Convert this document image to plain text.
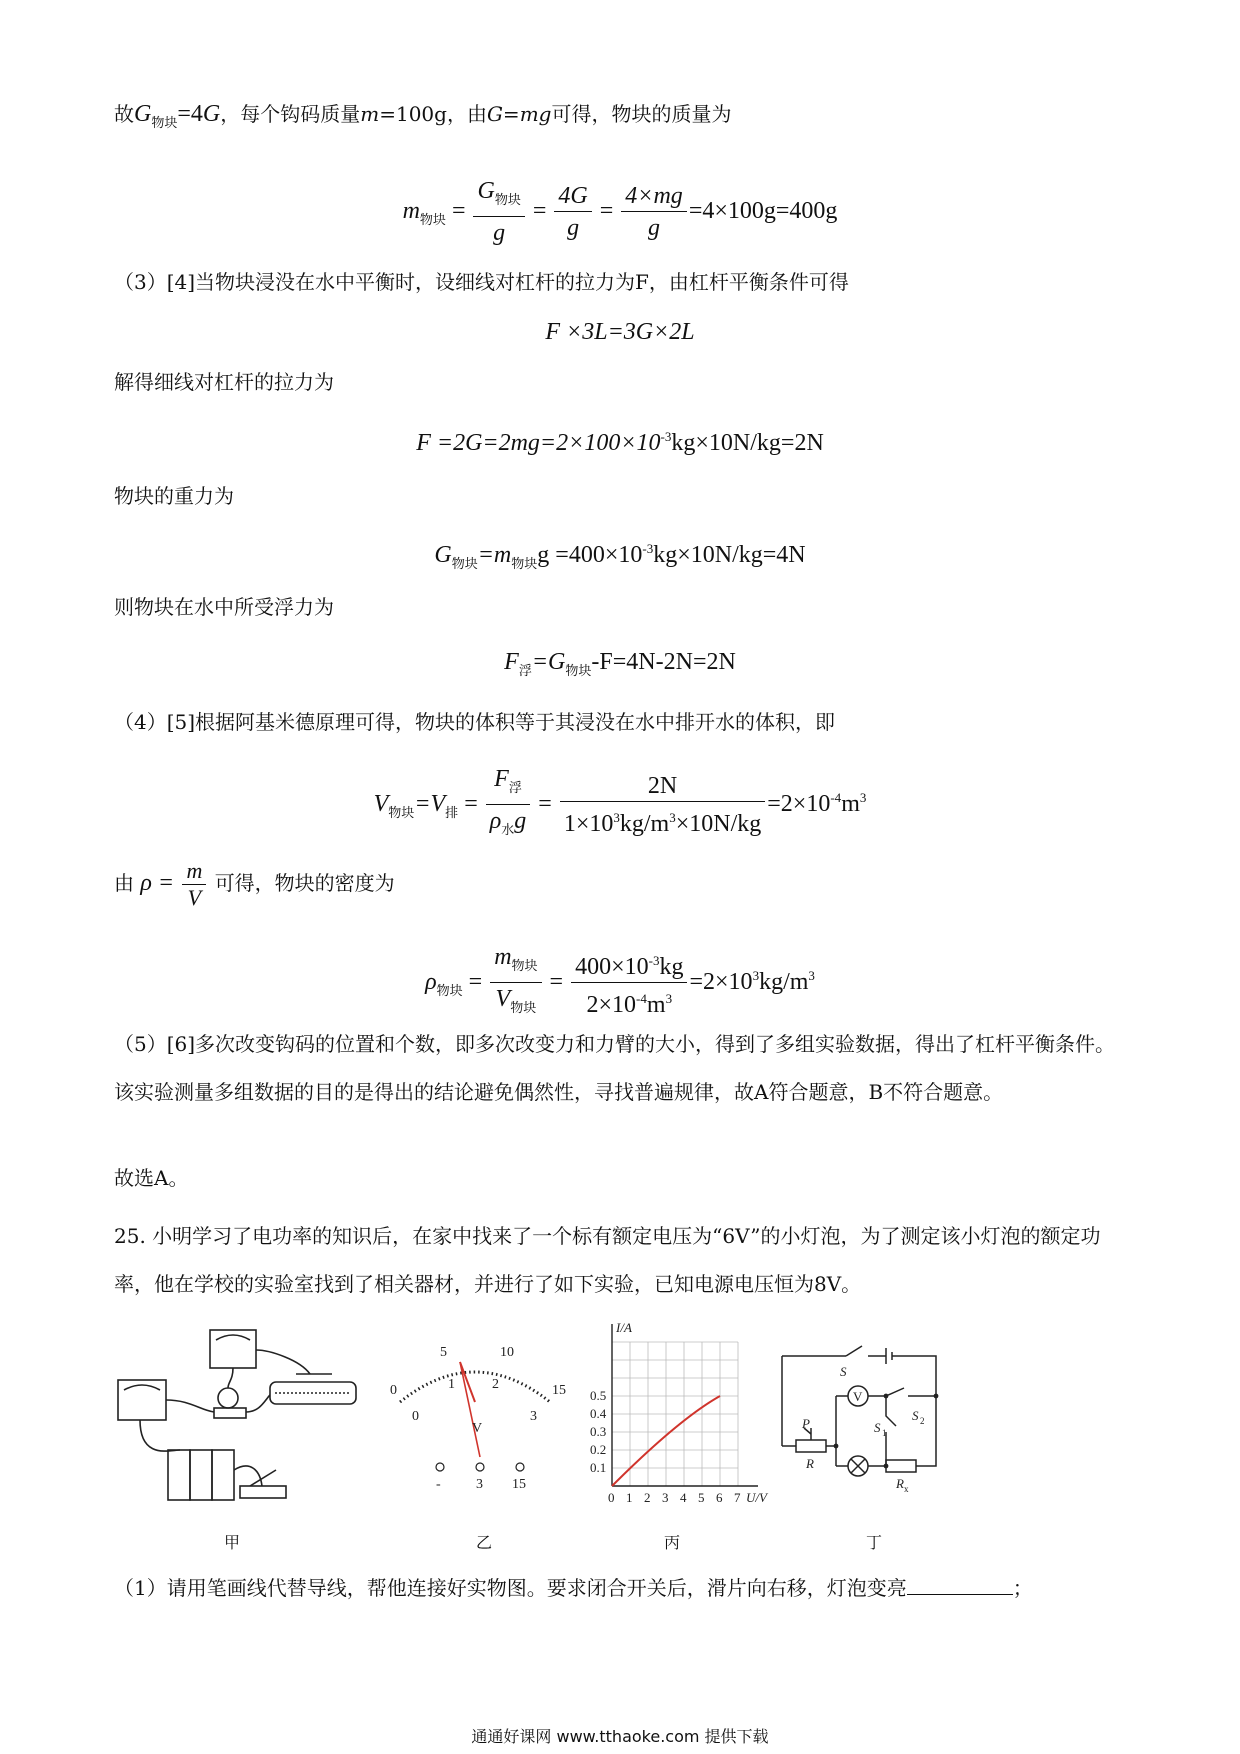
故$G_{物块}=4G$，每个钩码质量m=100g，由G=mg可得，物块的质量为
$m_{物块} = \frac{G_{物块}}{g} = \frac{4G}{g} = \frac{4\times mg}{g} =4\times 100g=400g$
（3）[4]当物块浸没在水中平衡时，设细线对杠杆的拉力为F，由杠杆平衡条件可得
F ×3L=3G×2L
解得细线对杠杆的拉力为
$F =2G=2mg=2\times 100\times 10^{-3}kg\times 10N/kg=2N$
物块的重力为
$G_{物块}=m_{物块}g =400\times 10^{-3}kg\times 10N/kg=4N$
则物块在水中所受浮力为
$F_浮=G_{物块}-F=4N-2N=2N$
（4）[5]根据阿基米德原理可得，物块的体积等于其浸没在水中排开水的体积，即
$V_{物块}=V_排 = \frac{F_浮}{\rho_水g} = \frac{2N}{1\times 10^3kg/m^3\times 10N/kg} =2\times 10^{-4}m^3$
由 $\rho = \frac{m}{V}$ 可得，物块的密度为
$\rho_{物块} = \frac{m_{物块}}{V_{物块}} = \frac{400\times 10^{-3}kg}{2\times 10^{-4}m^3} =2\times 10^3kg/m^3$
（5）[6]多次改变钩码的位置和个数，即多次改变力和力臂的大小，得到了多组实验数据，得出了杠杆平衡条件。该实验测量多组数据的目的是得出的结论避免偶然性，寻找普遍规律，故A符合题意，B不符合题意。
故选A。
25. 小明学习了电功率的知识后，在家中找来了一个标有额定电压为“6V”的小灯泡，为了测定该小灯泡的额定功率，他在学校的实验室找到了相关器材，并进行了如下实验，已知电源电压恒为8V。
0
5	10
15
0
1	2
3
V
-	3 15
I/A
0.1
0.2
0.3
0.4
0.5
0 1 2 3 4 5 6 7 U/V
S
P
R
V
S 1
S 2
R x
甲	乙	丙	丁
（1）请用笔画线代替导线，帮他连接好实物图。要求闭合开关后，滑片向右移，灯泡变亮	；
通通好课网 www.tthaoke.com 提供下载
